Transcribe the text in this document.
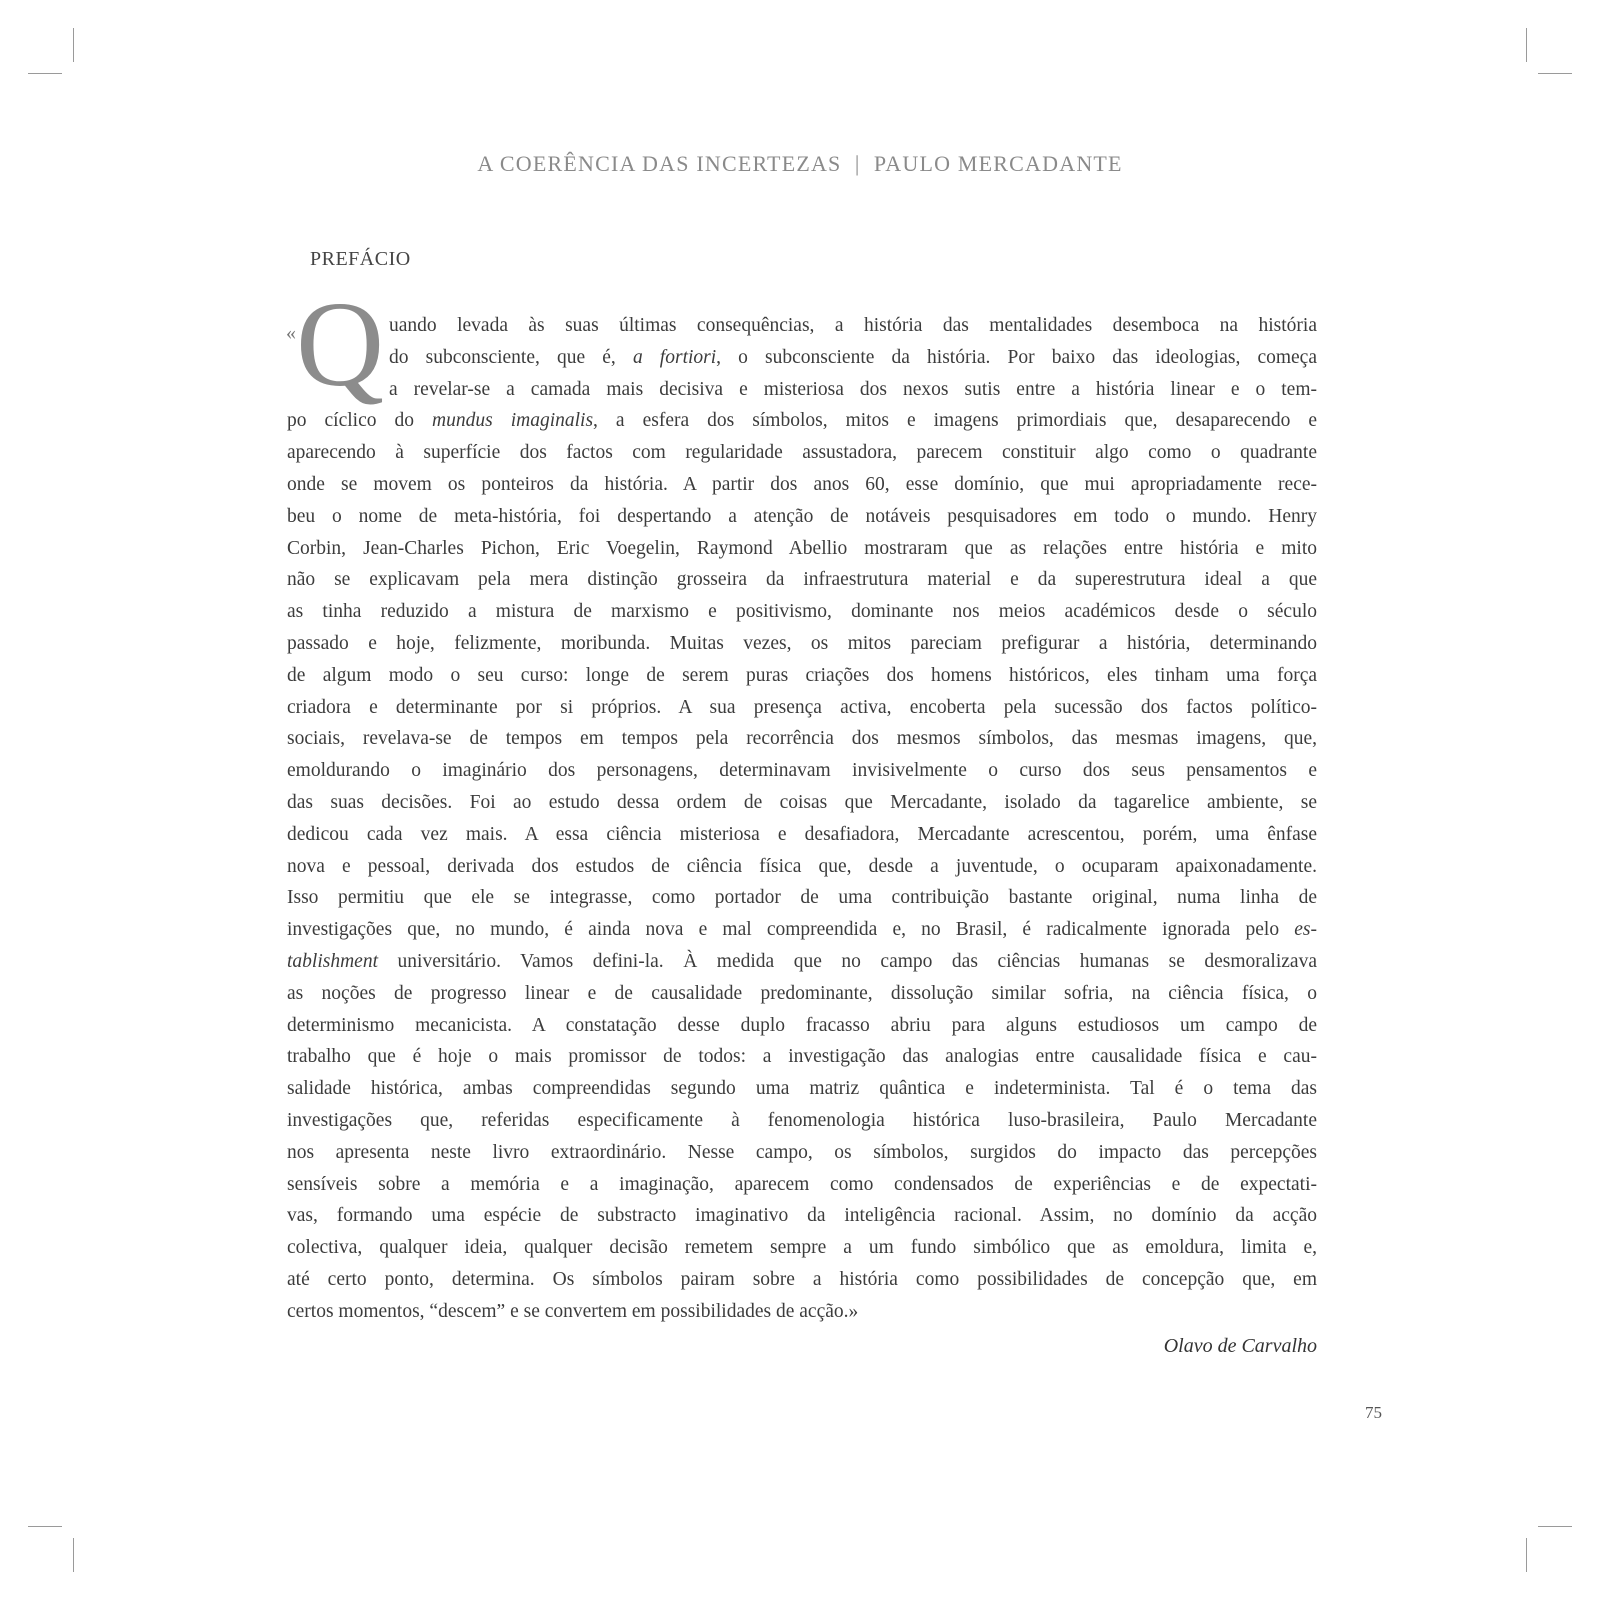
A COERÊNCIA DAS INCERTEZAS  |  PAULO MERCADANTE
PREFÁCIO
« Q uando levada às suas últimas consequências, a história das mentalidades desemboca na história
do subconsciente, que é, a fortiori, o subconsciente da história. Por baixo das ideologias, começa
a revelar-se a camada mais decisiva e misteriosa dos nexos sutis entre a história linear e o tem-
po cíclico do mundus imaginalis, a esfera dos símbolos, mitos e imagens primordiais que, desaparecendo e
aparecendo à superfície dos factos com regularidade assustadora, parecem constituir algo como o quadrante
onde se movem os ponteiros da história. A partir dos anos 60, esse domínio, que mui apropriadamente rece-
beu o nome de meta-história, foi despertando a atenção de notáveis pesquisadores em todo o mundo. Henry
Corbin, Jean-Charles Pichon, Eric Voegelin, Raymond Abellio mostraram que as relações entre história e mito
não se explicavam pela mera distinção grosseira da infraestrutura material e da superestrutura ideal a que
as tinha reduzido a mistura de marxismo e positivismo, dominante nos meios académicos desde o século
passado e hoje, felizmente, moribunda. Muitas vezes, os mitos pareciam prefigurar a história, determinando
de algum modo o seu curso: longe de serem puras criações dos homens históricos, eles tinham uma força
criadora e determinante por si próprios. A sua presença activa, encoberta pela sucessão dos factos político-
sociais, revelava-se de tempos em tempos pela recorrência dos mesmos símbolos, das mesmas imagens, que,
emoldurando o imaginário dos personagens, determinavam invisivelmente o curso dos seus pensamentos e
das suas decisões. Foi ao estudo dessa ordem de coisas que Mercadante, isolado da tagarelice ambiente, se
dedicou cada vez mais. A essa ciência misteriosa e desafiadora, Mercadante acrescentou, porém, uma ênfase
nova e pessoal, derivada dos estudos de ciência física que, desde a juventude, o ocuparam apaixonadamente.
Isso permitiu que ele se integrasse, como portador de uma contribuição bastante original, numa linha de
investigações que, no mundo, é ainda nova e mal compreendida e, no Brasil, é radicalmente ignorada pelo es-
tablishment universitário. Vamos defini-la. À medida que no campo das ciências humanas se desmoralizava
as noções de progresso linear e de causalidade predominante, dissolução similar sofria, na ciência física, o
determinismo mecanicista. A constatação desse duplo fracasso abriu para alguns estudiosos um campo de
trabalho que é hoje o mais promissor de todos: a investigação das analogias entre causalidade física e cau-
salidade histórica, ambas compreendidas segundo uma matriz quântica e indeterminista. Tal é o tema das
investigações que, referidas especificamente à fenomenologia histórica luso-brasileira, Paulo Mercadante
nos apresenta neste livro extraordinário. Nesse campo, os símbolos, surgidos do impacto das percepções
sensíveis sobre a memória e a imaginação, aparecem como condensados de experiências e de expectati-
vas, formando uma espécie de substracto imaginativo da inteligência racional. Assim, no domínio da acção
colectiva, qualquer ideia, qualquer decisão remetem sempre a um fundo simbólico que as emoldura, limita e,
até certo ponto, determina. Os símbolos pairam sobre a história como possibilidades de concepção que, em
certos momentos, “descem” e se convertem em possibilidades de acção.»
Olavo de Carvalho
75
